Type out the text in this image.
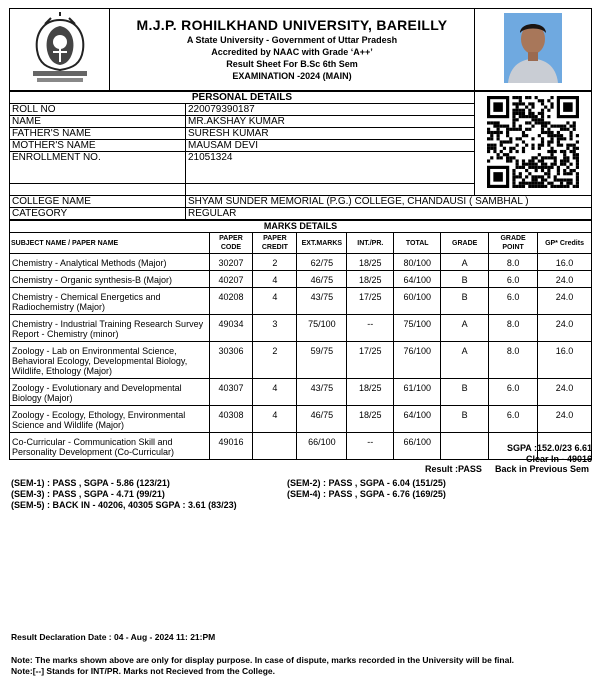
M.J.P. ROHILKHAND UNIVERSITY, BAREILLY
A State University - Government of Uttar Pradesh
Accredited by NAAC with Grade ‘A++’
Result Sheet For B.Sc 6th Sem
EXAMINATION -2024 (MAIN)

PERSONAL DETAILS	
ROLL NO	220079390187	
NAME	MR.AKSHAY KUMAR	
FATHER'S NAME	SURESH KUMAR	
MOTHER'S NAME	MAUSAM DEVI	
ENROLLMENT NO.	21051324	

COLLEGE NAME	SHYAM SUNDER MEMORIAL (P.G.) COLLEGE, CHANDAUSI ( SAMBHAL )	
CATEGORY	REGULAR	
MARKS DETAILS								
SUBJECT NAME / PAPER NAME	PAPER CODE	PAPER CREDIT	EXT.MARKS	INT./PR.	TOTAL	GRADE	GRADE POINT	GP* Credits
Chemistry - Analytical Methods (Major)	30207	2	62/75	18/25	80/100	A	8.0	16.0
Chemistry - Organic synthesis-B (Major)	40207	4	46/75	18/25	64/100	B	6.0	24.0
Chemistry - Chemical Energetics and Radiochemistry (Major)	40208	4	43/75	17/25	60/100	B	6.0	24.0
Chemistry - Industrial Training Research Survey Report - Chemistry (minor)	49034	3	75/100	--	75/100	A	8.0	24.0
Zoology - Lab on Environmental Science, Behavioral Ecology, Developmental Biology, Wildlife, Ethology (Major)	30306	2	59/75	17/25	76/100	A	8.0	16.0
Zoology - Evolutionary and Developmental Biology (Major)	40307	4	43/75	18/25	61/100	B	6.0	24.0
Zoology - Ecology, Ethology, Environmental Science and Wildlife (Major)	40308	4	46/75	18/25	64/100	B	6.0	24.0
Co-Curricular - Communication Skill and Personality Development (Co-Curricular)	49016		66/100	--	66/100			
SGPA :152.0/23 6.61
Clear In - 49016
Result :PASS Back in Previous Sem
(SEM-1) : PASS , SGPA - 5.86 (123/21)	(SEM-2) : PASS , SGPA - 6.04 (151/25)
(SEM-3) : PASS , SGPA - 4.71 (99/21)	(SEM-4) : PASS , SGPA - 6.76 (169/25)
(SEM-5) : BACK IN - 40206, 40305 SGPA : 3.61 (83/23)
Result Declaration Date : 04 - Aug - 2024 11: 21:PM
Note: The marks shown above are only for display purpose. In case of dispute, marks recorded in the University will be final.
Note:[--] Stands for INT/PR. Marks not Recieved from the College.
